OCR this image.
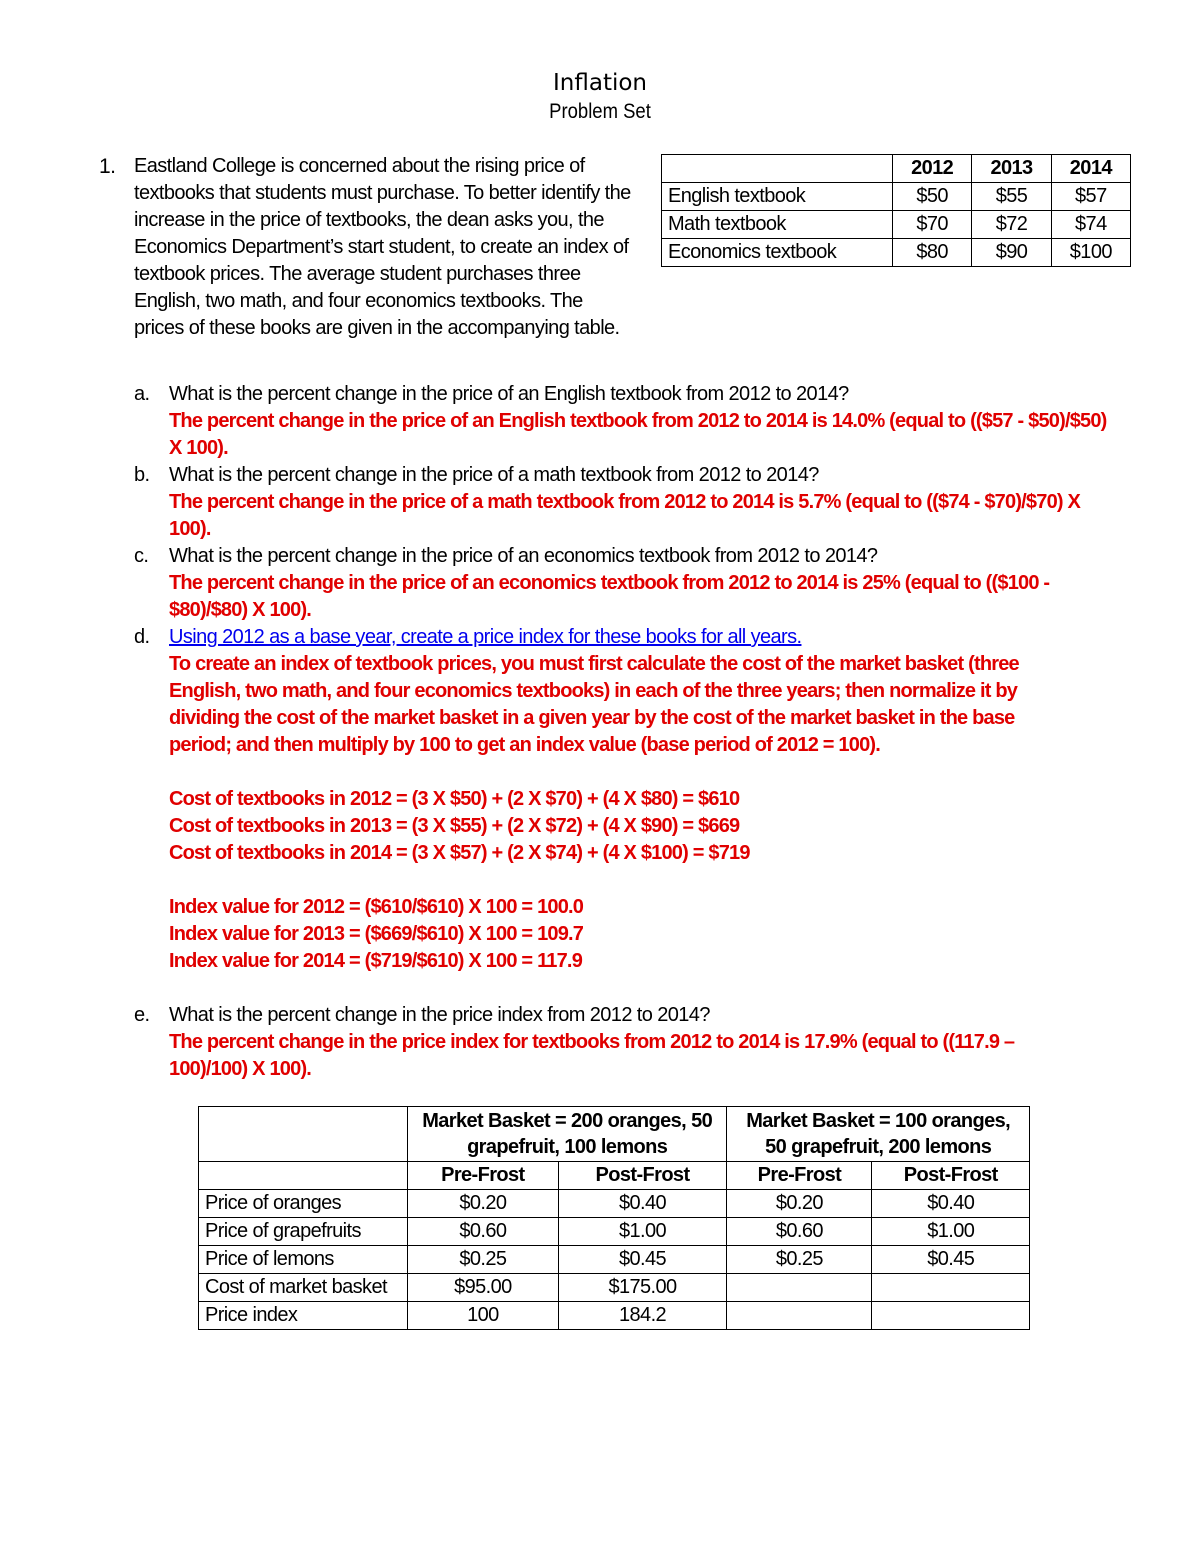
Inflation
Problem Set
1. Eastland College is concerned about the rising price of textbooks that students must purchase. To better identify the increase in the price of textbooks, the dean asks you, the Economics Department’s start student, to create an index of textbook prices. The average student purchases three English, two math, and four economics textbooks. The prices of these books are given in the accompanying table.
	2012	2013	2014
English textbook	$50	$55	$57
Math textbook	$70	$72	$74
Economics textbook	$80	$90	$100
a. What is the percent change in the price of an English textbook from 2012 to 2014?
The percent change in the price of an English textbook from 2012 to 2014 is 14.0% (equal to (($57 - $50)/$50) X 100).
b. What is the percent change in the price of a math textbook from 2012 to 2014?
The percent change in the price of a math textbook from 2012 to 2014 is 5.7% (equal to (($74 - $70)/$70) X 100).
c. What is the percent change in the price of an economics textbook from 2012 to 2014?
The percent change in the price of an economics textbook from 2012 to 2014 is 25% (equal to (($100 - $80)/$80) X 100).
d. Using 2012 as a base year, create a price index for these books for all years.
To create an index of textbook prices, you must first calculate the cost of the market basket (three English, two math, and four economics textbooks) in each of the three years; then normalize it by dividing the cost of the market basket in a given year by the cost of the market basket in the base period; and then multiply by 100 to get an index value (base period of 2012 = 100).
Cost of textbooks in 2012 = (3 X $50) + (2 X $70) + (4 X $80) = $610
Cost of textbooks in 2013 = (3 X $55) + (2 X $72) + (4 X $90) = $669
Cost of textbooks in 2014 = (3 X $57) + (2 X $74) + (4 X $100) = $719
Index value for 2012 = ($610/$610) X 100 = 100.0
Index value for 2013 = ($669/$610) X 100 = 109.7
Index value for 2014 = ($719/$610) X 100 = 117.9
e. What is the percent change in the price index from 2012 to 2014?
The percent change in the price index for textbooks from 2012 to 2014 is 17.9% (equal to ((117.9 – 100)/100) X 100).
	Market Basket = 200 oranges, 50 grapefruit, 100 lemons		Market Basket = 100 oranges, 50 grapefruit, 200 lemons	
	Pre-Frost	Post-Frost	Pre-Frost	Post-Frost
Price of oranges	$0.20	$0.40	$0.20	$0.40
Price of grapefruits	$0.60	$1.00	$0.60	$1.00
Price of lemons	$0.25	$0.45	$0.25	$0.45
Cost of market basket	$95.00	$175.00		
Price index	100	184.2		
